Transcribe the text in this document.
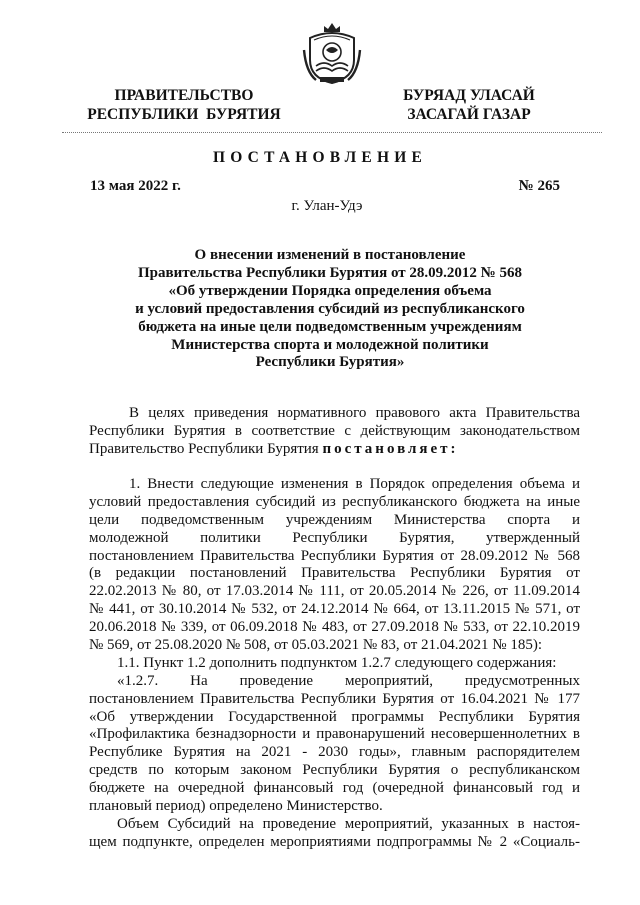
ПРАВИТЕЛЬСТВО
РЕСПУБЛИКИ  БУРЯТИЯ
БУРЯАД УЛАСАЙ
ЗАСАГАЙ ГАЗАР
ПОСТАНОВЛЕНИЕ
13 мая 2022 г.	№ 265
г. Улан-Удэ
О внесении изменений в постановление
Правительства Республики Бурятия от 28.09.2012 № 568
«Об утверждении Порядка определения объема
и условий предоставления субсидий из республиканского
бюджета на иные цели подведомственным учреждениям
Министерства спорта и молодежной политики
Республики Бурятия»
В целях приведения нормативного правового акта Правительства
Республики Бурятия в соответствие с действующим законодательством
Правительство Республики Бурятия постановляет:
1. Внести следующие изменения в Порядок определения объема и
условий предоставления субсидий из республиканского бюджета на иные
цели подведомственным учреждениям Министерства спорта и
молодежной политики Республики Бурятия, утвержденный
постановлением Правительства Республики Бурятия от 28.09.2012 № 568
(в редакции постановлений Правительства Республики Бурятия от
22.02.2013 № 80, от 17.03.2014 № 111, от 20.05.2014 № 226, от 11.09.2014
№ 441, от 30.10.2014 № 532, от 24.12.2014 № 664, от 13.11.2015 № 571, от
20.06.2018 № 339, от 06.09.2018 № 483, от 27.09.2018 № 533, от 22.10.2019
№ 569, от 25.08.2020 № 508, от 05.03.2021 № 83, от 21.04.2021 № 185):
1.1. Пункт 1.2 дополнить подпунктом 1.2.7 следующего содержания:
«1.2.7. На проведение мероприятий, предусмотренных
постановлением Правительства Республики Бурятия от 16.04.2021 № 177
«Об утверждении Государственной программы Республики Бурятия
«Профилактика безнадзорности и правонарушений несовершеннолетних в
Республике Бурятия на 2021 - 2030 годы», главным распорядителем
средств по которым законом Республики Бурятия о республиканском
бюджете на очередной финансовый год (очередной финансовый год и
плановый период) определено Министерство.
Объем Субсидий на проведение мероприятий, указанных в настоя-
щем подпункте, определен мероприятиями подпрограммы № 2 «Социаль-
